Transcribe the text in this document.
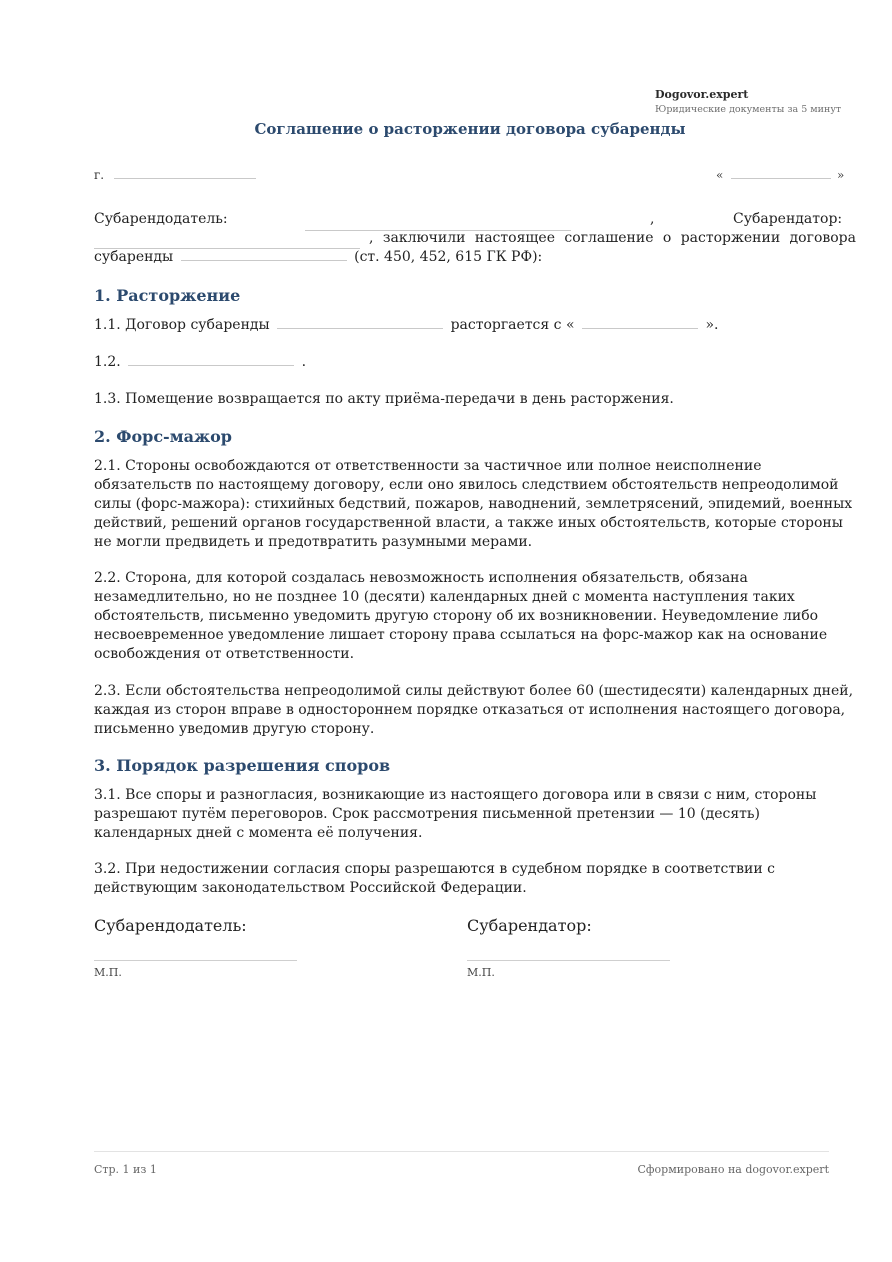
Dogovor.expert
Юридические документы за 5 минут
Соглашение о расторжении договора субаренды
г.	«	»
Субарендодатель:	,	Субарендатор:
, заключили настоящее соглашение о расторжении договора
субаренды	(ст. 450, 452, 615 ГК РФ):
1. Расторжение
1.1. Договор субаренды	расторгается с «	».
1.2.	.
1.3. Помещение возвращается по акту приёма-передачи в день расторжения.
2. Форс-мажор
2.1. Стороны освобождаются от ответственности за частичное или полное неисполнение обязательств по настоящему договору, если оно явилось следствием обстоятельств непреодолимой силы (форс-мажора): стихийных бедствий, пожаров, наводнений, землетрясений, эпидемий, военных действий, решений органов государственной власти, а также иных обстоятельств, которые стороны не могли предвидеть и предотвратить разумными мерами.
2.2. Сторона, для которой создалась невозможность исполнения обязательств, обязана незамедлительно, но не позднее 10 (десяти) календарных дней с момента наступления таких обстоятельств, письменно уведомить другую сторону об их возникновении. Неуведомление либо несвоевременное уведомление лишает сторону права ссылаться на форс-мажор как на основание освобождения от ответственности.
2.3. Если обстоятельства непреодолимой силы действуют более 60 (шестидесяти) календарных дней, каждая из сторон вправе в одностороннем порядке отказаться от исполнения настоящего договора, письменно уведомив другую сторону.
3. Порядок разрешения споров
3.1. Все споры и разногласия, возникающие из настоящего договора или в связи с ним, стороны разрешают путём переговоров. Срок рассмотрения письменной претензии — 10 (десять) календарных дней с момента её получения.
3.2. При недостижении согласия споры разрешаются в судебном порядке в соответствии с действующим законодательством Российской Федерации.
Субарендодатель:	Субарендатор:
М.П.	М.П.
Стр. 1 из 1	Сформировано на dogovor.expert
